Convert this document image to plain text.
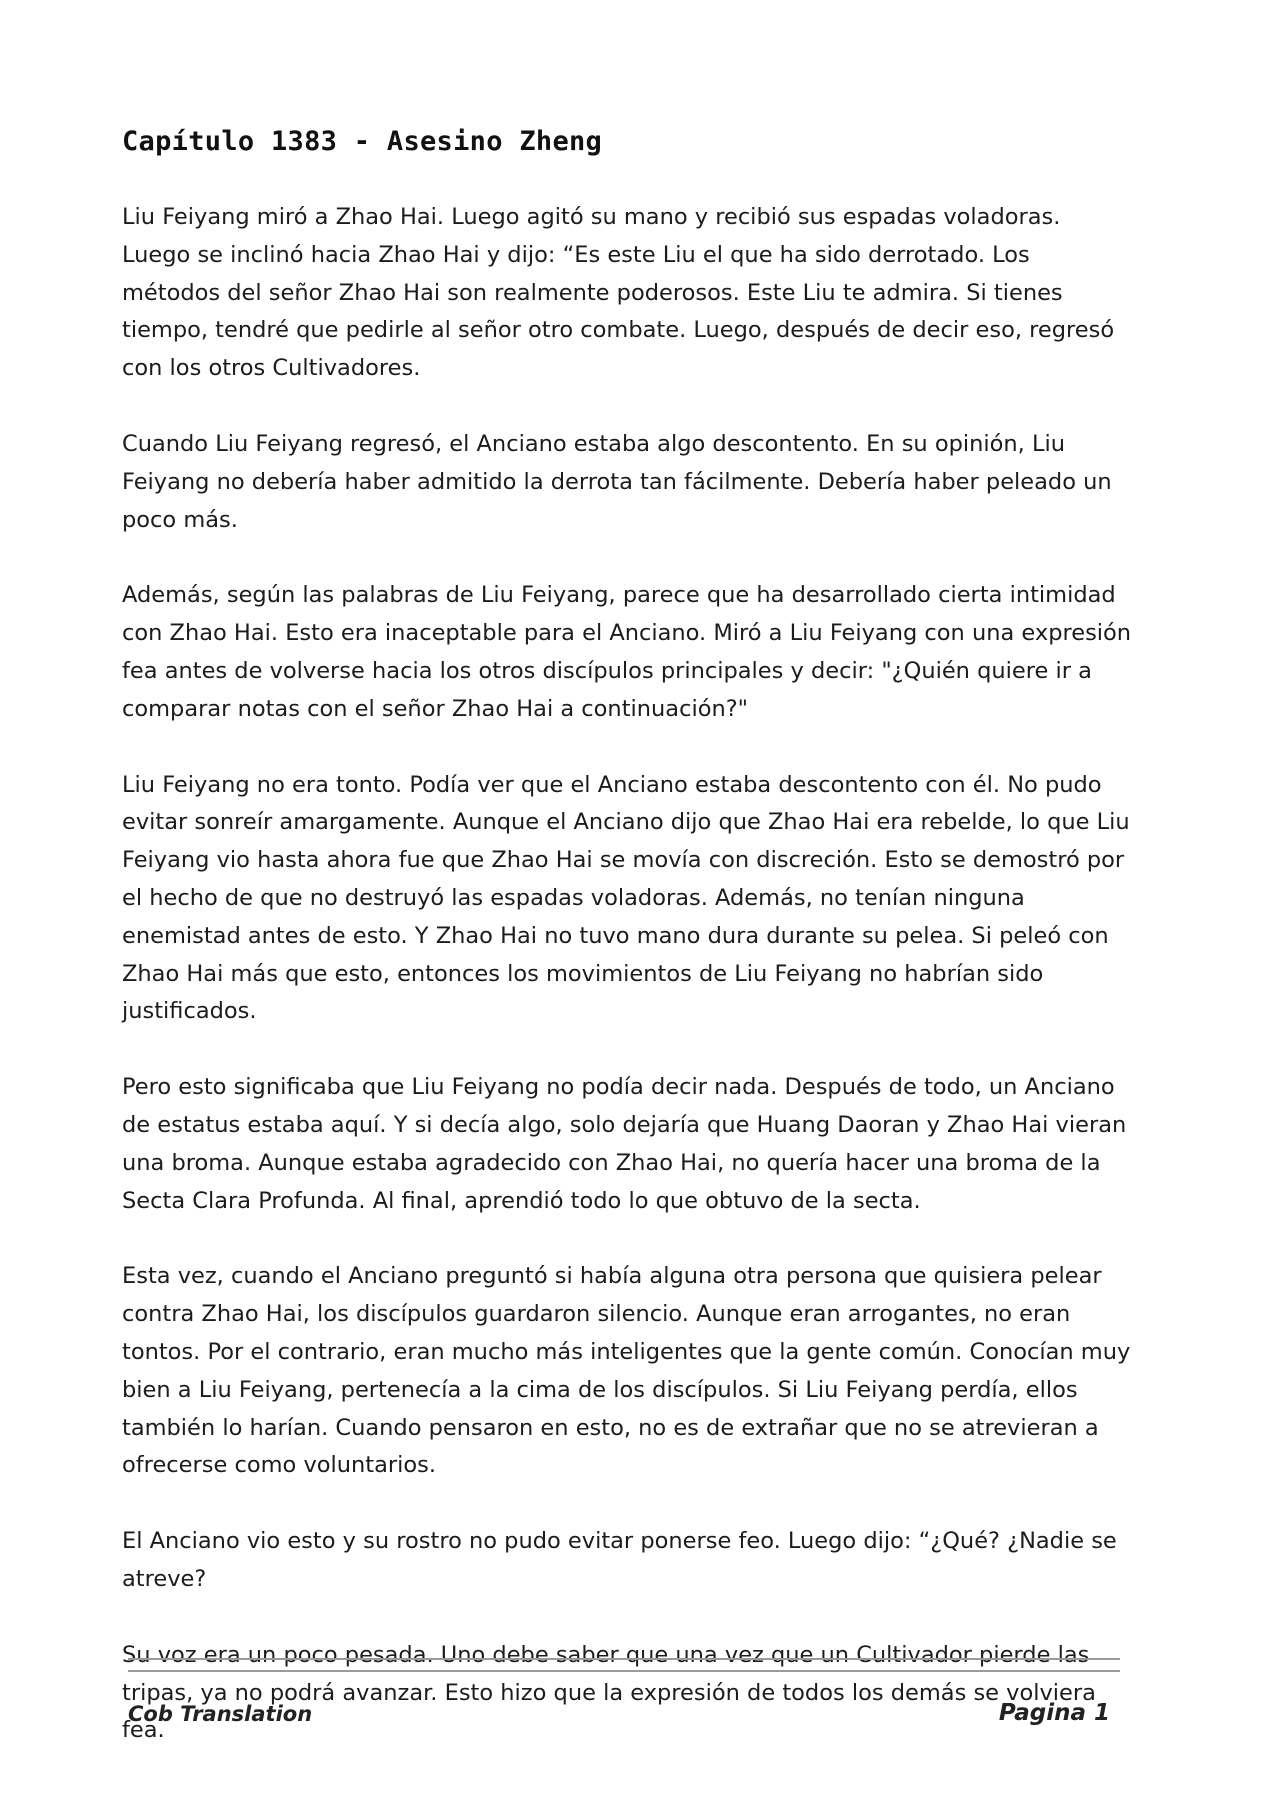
Capítulo 1383 - Asesino Zheng

Liu Feiyang miró a Zhao Hai. Luego agitó su mano y recibió sus espadas voladoras. Luego se inclinó hacia Zhao Hai y dijo: “Es este Liu el que ha sido derrotado. Los métodos del señor Zhao Hai son realmente poderosos. Este Liu te admira. Si tienes tiempo, tendré que pedirle al señor otro combate. Luego, después de decir eso, regresó con los otros Cultivadores.

Cuando Liu Feiyang regresó, el Anciano estaba algo descontento. En su opinión, Liu Feiyang no debería haber admitido la derrota tan fácilmente. Debería haber peleado un poco más.

Además, según las palabras de Liu Feiyang, parece que ha desarrollado cierta intimidad con Zhao Hai. Esto era inaceptable para el Anciano. Miró a Liu Feiyang con una expresión fea antes de volverse hacia los otros discípulos principales y decir: "¿Quién quiere ir a comparar notas con el señor Zhao Hai a continuación?"

Liu Feiyang no era tonto. Podía ver que el Anciano estaba descontento con él. No pudo evitar sonreír amargamente. Aunque el Anciano dijo que Zhao Hai era rebelde, lo que Liu Feiyang vio hasta ahora fue que Zhao Hai se movía con discreción. Esto se demostró por el hecho de que no destruyó las espadas voladoras. Además, no tenían ninguna enemistad antes de esto. Y Zhao Hai no tuvo mano dura durante su pelea. Si peleó con Zhao Hai más que esto, entonces los movimientos de Liu Feiyang no habrían sido justificados.

Pero esto significaba que Liu Feiyang no podía decir nada. Después de todo, un Anciano de estatus estaba aquí. Y si decía algo, solo dejaría que Huang Daoran y Zhao Hai vieran una broma. Aunque estaba agradecido con Zhao Hai, no quería hacer una broma de la Secta Clara Profunda. Al final, aprendió todo lo que obtuvo de la secta.

Esta vez, cuando el Anciano preguntó si había alguna otra persona que quisiera pelear contra Zhao Hai, los discípulos guardaron silencio. Aunque eran arrogantes, no eran tontos. Por el contrario, eran mucho más inteligentes que la gente común. Conocían muy bien a Liu Feiyang, pertenecía a la cima de los discípulos. Si Liu Feiyang perdía, ellos también lo harían. Cuando pensaron en esto, no es de extrañar que no se atrevieran a ofrecerse como voluntarios.

El Anciano vio esto y su rostro no pudo evitar ponerse feo. Luego dijo: “¿Qué? ¿Nadie se atreve?

Su voz era un poco pesada. Uno debe saber que una vez que un Cultivador pierde las tripas, ya no podrá avanzar. Esto hizo que la expresión de todos los demás se volviera fea.

Cob Translation	Pagina 1
